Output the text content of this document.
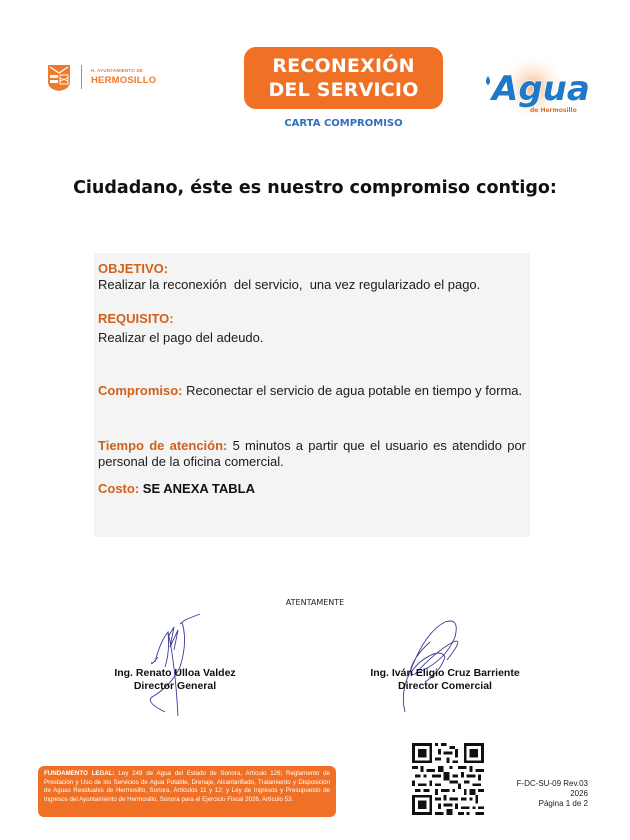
H. AYUNTAMIENTO DE
HERMOSILLO
RECONEXIÓN
DEL SERVICIO
CARTA COMPROMISO
Agua
de Hermosillo
Ciudadano, éste es nuestro compromiso contigo:
OBJETIVO:
Realizar la reconexión  del servicio,  una vez regularizado el pago.
REQUISITO:
Realizar el pago del adeudo.
Compromiso: Reconectar el servicio de agua potable en tiempo y forma.
Tiempo de atención: 5 minutos a partir que el usuario es atendido por personal de la oficina comercial.
Costo: SE ANEXA TABLA
ATENTAMENTE
Ing. Renato Ulloa Valdez
Director General
Ing. Iván Eligio Cruz Barriente
Director Comercial
FUNDAMENTO LEGAL: Ley 249 de Agua del Estado de Sonora, Artículo 126; Reglamento de Prestación y Uso de los Servicios de Agua Potable, Drenaje, Alcantarillado, Tratamiento y Disposición de Aguas Residuales de Hermosillo, Sonora, Artículos 11 y 12; y Ley de Ingresos y Presupuesto de Ingresos del Ayuntamiento de Hermosillo, Sonora para el Ejercicio Fiscal 2026, Artículo 53.
F-DC-SU-09 Rev.03
2026
Página 1 de 2
